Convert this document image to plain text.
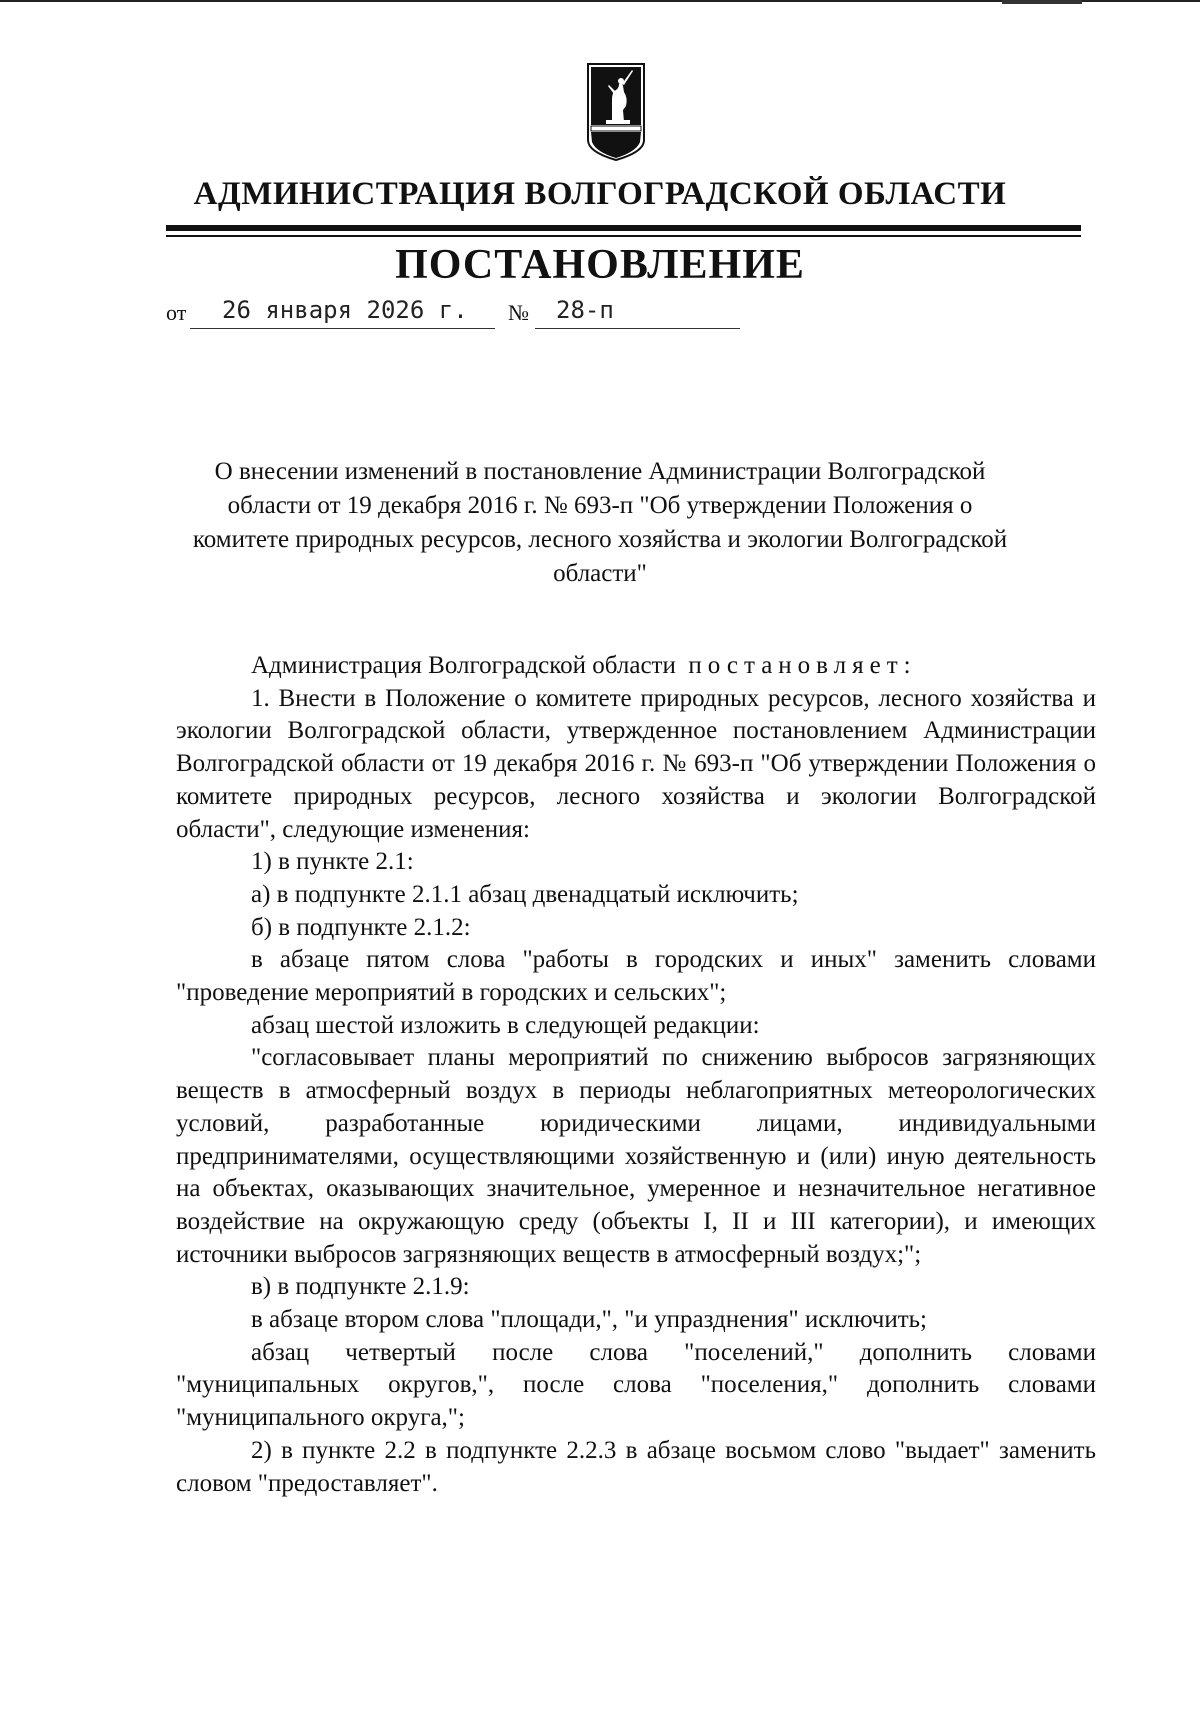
АДМИНИСТРАЦИЯ ВОЛГОГРАДСКОЙ ОБЛАСТИ
ПОСТАНОВЛЕНИЕ
от 26 января 2026 г. № 28-п
О внесении изменений в постановление Администрации Волгоградской области от 19 декабря 2016 г. № 693-п "Об утверждении Положения о комитете природных ресурсов, лесного хозяйства и экологии Волгоградской области"

Администрация Волгоградской области постановляет:

1. Внести в Положение о комитете природных ресурсов, лесного хозяйства и экологии Волгоградской области, утвержденное постановлением Администрации Волгоградской области от 19 декабря 2016 г. № 693-п "Об утверждении Положения о комитете природных ресурсов, лесного хозяйства и экологии Волгоградской области", следующие изменения:

1) в пункте 2.1:

а) в подпункте 2.1.1 абзац двенадцатый исключить;

б) в подпункте 2.1.2:

в абзаце пятом слова "работы в городских и иных" заменить словами "проведение мероприятий в городских и сельских";

абзац шестой изложить в следующей редакции:

"согласовывает планы мероприятий по снижению выбросов загрязняющих веществ в атмосферный воздух в периоды неблагоприятных метеорологических условий, разработанные юридическими лицами, индивидуальными предпринимателями, осуществляющими хозяйственную и (или) иную деятельность на объектах, оказывающих значительное, умеренное и незначительное негативное воздействие на окружающую среду (объекты I, II и III категории), и имеющих источники выбросов загрязняющих веществ в атмосферный воздух;";

в) в подпункте 2.1.9:

в абзаце втором слова "площади,", "и упразднения" исключить;

абзац четвертый после слова "поселений," дополнить словами "муниципальных округов,", после слова "поселения," дополнить словами "муниципального округа,";

2) в пункте 2.2 в подпункте 2.2.3 в абзаце восьмом слово "выдает" заменить словом "предоставляет".
